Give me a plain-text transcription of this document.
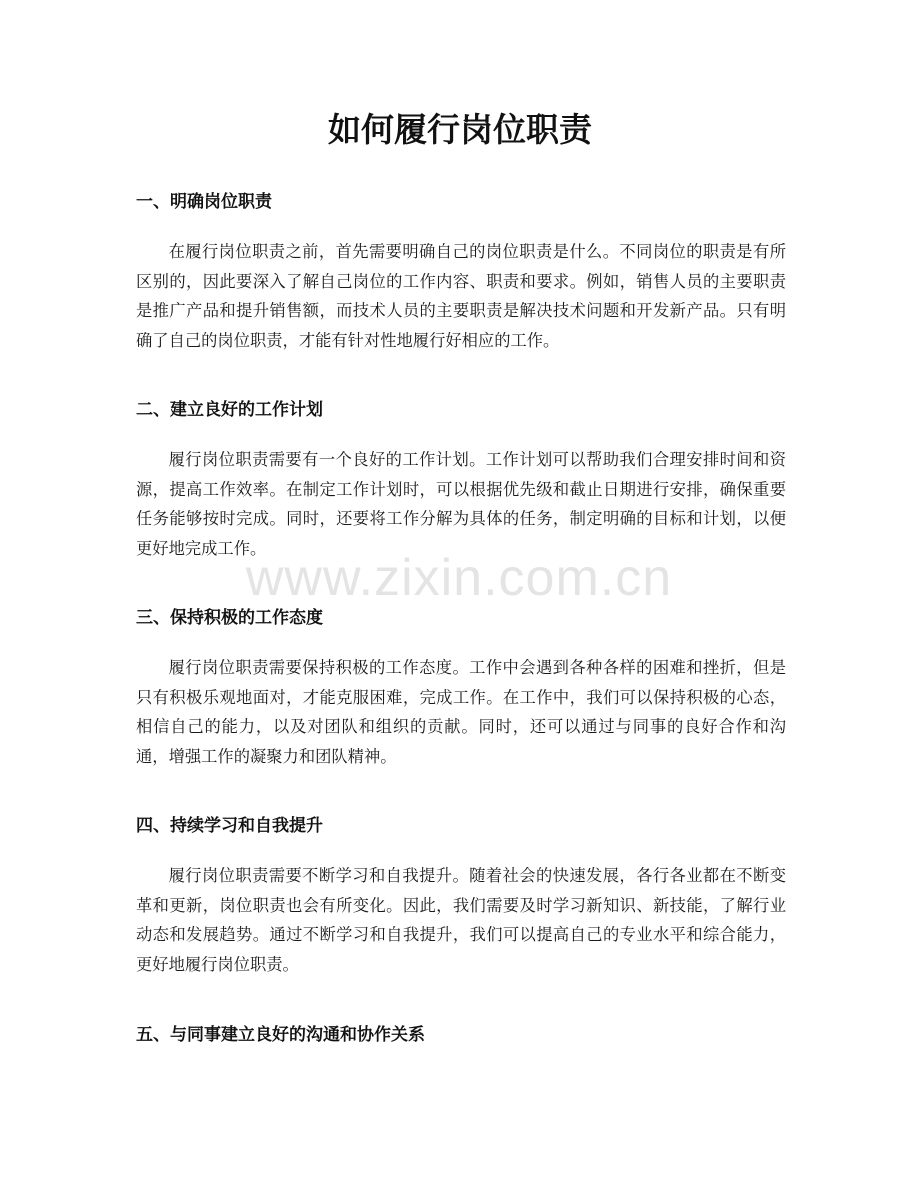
如何履行岗位职责
一、明确岗位职责

在履行岗位职责之前，首先需要明确自己的岗位职责是什么。不同岗位的职责是有所区别的，因此要深入了解自己岗位的工作内容、职责和要求。例如，销售人员的主要职责是推广产品和提升销售额，而技术人员的主要职责是解决技术问题和开发新产品。只有明确了自己的岗位职责，才能有针对性地履行好相应的工作。

二、建立良好的工作计划

履行岗位职责需要有一个良好的工作计划。工作计划可以帮助我们合理安排时间和资源，提高工作效率。在制定工作计划时，可以根据优先级和截止日期进行安排，确保重要任务能够按时完成。同时，还要将工作分解为具体的任务，制定明确的目标和计划，以便更好地完成工作。

三、保持积极的工作态度

履行岗位职责需要保持积极的工作态度。工作中会遇到各种各样的困难和挫折，但是只有积极乐观地面对，才能克服困难，完成工作。在工作中，我们可以保持积极的心态，相信自己的能力，以及对团队和组织的贡献。同时，还可以通过与同事的良好合作和沟通，增强工作的凝聚力和团队精神。

四、持续学习和自我提升

履行岗位职责需要不断学习和自我提升。随着社会的快速发展，各行各业都在不断变革和更新，岗位职责也会有所变化。因此，我们需要及时学习新知识、新技能，了解行业动态和发展趋势。通过不断学习和自我提升，我们可以提高自己的专业水平和综合能力，更好地履行岗位职责。

五、与同事建立良好的沟通和协作关系
www.zixin.com.cn
